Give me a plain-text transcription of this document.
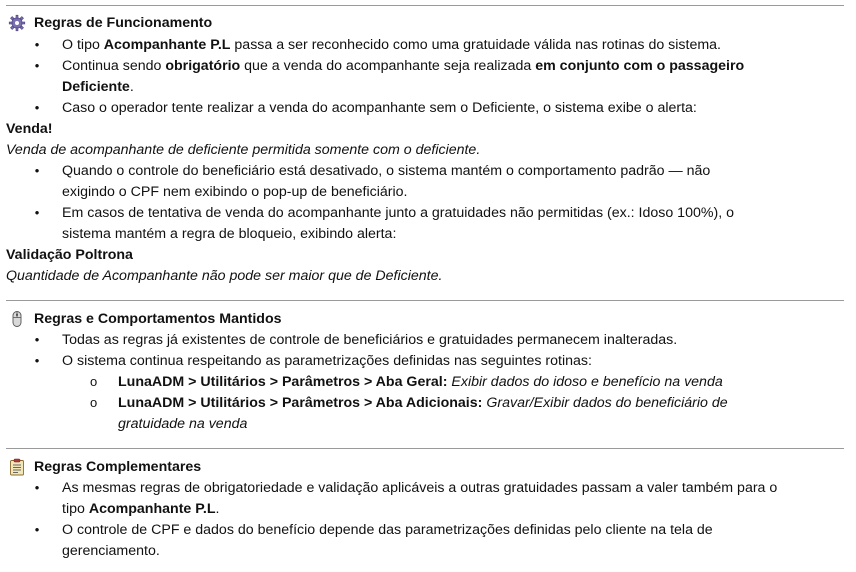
Regras de Funcionamento
• O tipo Acompanhante P.L passa a ser reconhecido como uma gratuidade válida nas rotinas do sistema.
• Continua sendo obrigatório que a venda do acompanhante seja realizada em conjunto com o passageiro
Deficiente.
• Caso o operador tente realizar a venda do acompanhante sem o Deficiente, o sistema exibe o alerta:
Venda!
Venda de acompanhante de deficiente permitida somente com o deficiente.
• Quando o controle do beneficiário está desativado, o sistema mantém o comportamento padrão — não
exigindo o CPF nem exibindo o pop-up de beneficiário.
• Em casos de tentativa de venda do acompanhante junto a gratuidades não permitidas (ex.: Idoso 100%), o
sistema mantém a regra de bloqueio, exibindo alerta:
Validação Poltrona
Quantidade de Acompanhante não pode ser maior que de Deficiente.
Regras e Comportamentos Mantidos
• Todas as regras já existentes de controle de beneficiários e gratuidades permanecem inalteradas.
• O sistema continua respeitando as parametrizações definidas nas seguintes rotinas:
o LunaADM > Utilitários > Parâmetros > Aba Geral: Exibir dados do idoso e benefício na venda
o LunaADM > Utilitários > Parâmetros > Aba Adicionais: Gravar/Exibir dados do beneficiário de
gratuidade na venda
Regras Complementares
• As mesmas regras de obrigatoriedade e validação aplicáveis a outras gratuidades passam a valer também para o
tipo Acompanhante P.L.
• O controle de CPF e dados do benefício depende das parametrizações definidas pelo cliente na tela de
gerenciamento.
